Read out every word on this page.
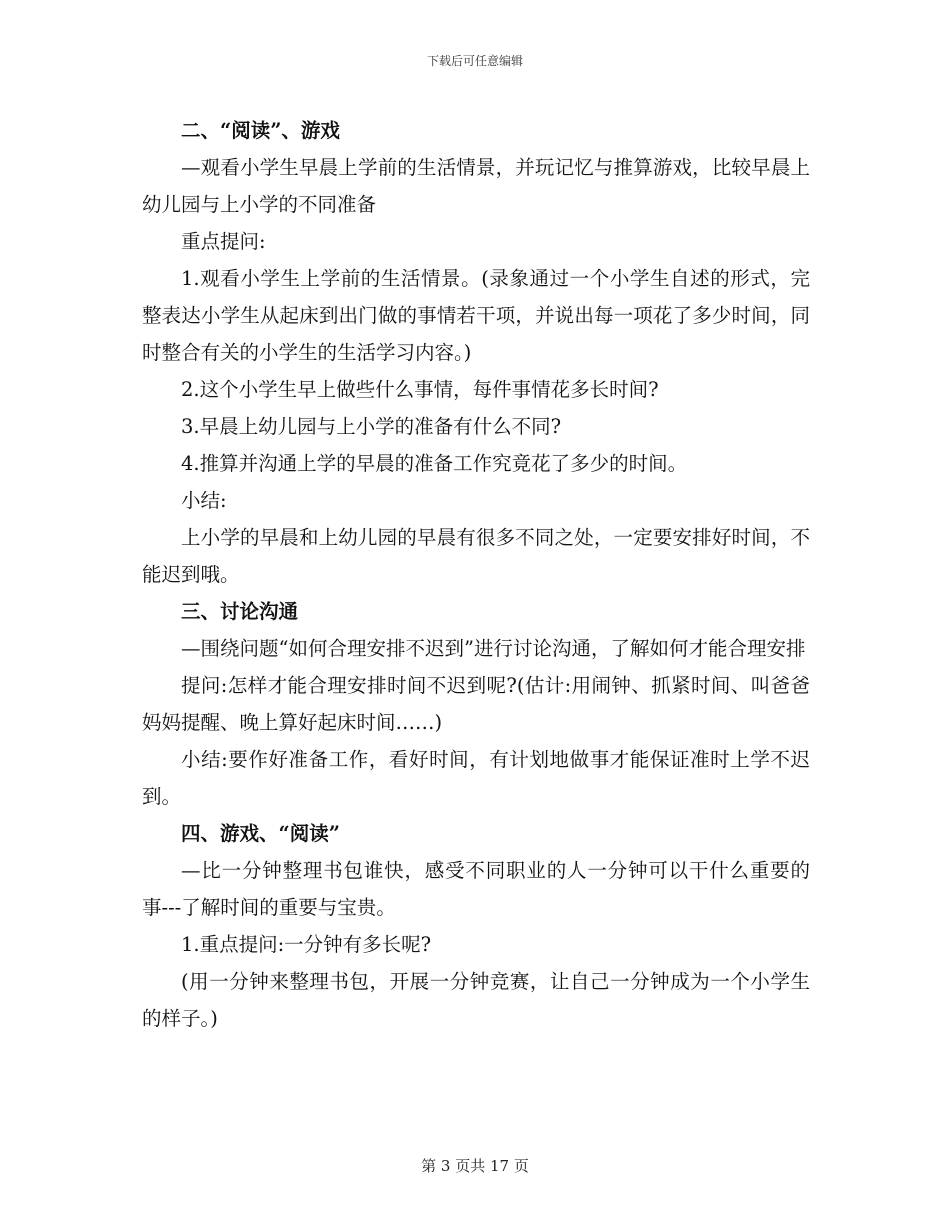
下载后可任意编辑

二、“阅读”、游戏

—观看小学生早晨上学前的生活情景，并玩记忆与推算游戏，比较早晨上幼儿园与上小学的不同准备

重点提问:

1.观看小学生上学前的生活情景。(录象通过一个小学生自述的形式，完整表达小学生从起床到出门做的事情若干项，并说出每一项花了多少时间，同时整合有关的小学生的生活学习内容。)

2.这个小学生早上做些什么事情，每件事情花多长时间?

3.早晨上幼儿园与上小学的准备有什么不同?

4.推算并沟通上学的早晨的准备工作究竟花了多少的时间。

小结:

上小学的早晨和上幼儿园的早晨有很多不同之处，一定要安排好时间，不能迟到哦。

三、讨论沟通

—围绕问题“如何合理安排不迟到”进行讨论沟通，了解如何才能合理安排

提问:怎样才能合理安排时间不迟到呢?(估计:用闹钟、抓紧时间、叫爸爸妈妈提醒、晚上算好起床时间……)

小结:要作好准备工作，看好时间，有计划地做事才能保证准时上学不迟到。

四、游戏、“阅读”

—比一分钟整理书包谁快，感受不同职业的人一分钟可以干什么重要的事---了解时间的重要与宝贵。

1.重点提问:一分钟有多长呢?

(用一分钟来整理书包，开展一分钟竞赛，让自己一分钟成为一个小学生的样子。)

第 3 页共 17 页
